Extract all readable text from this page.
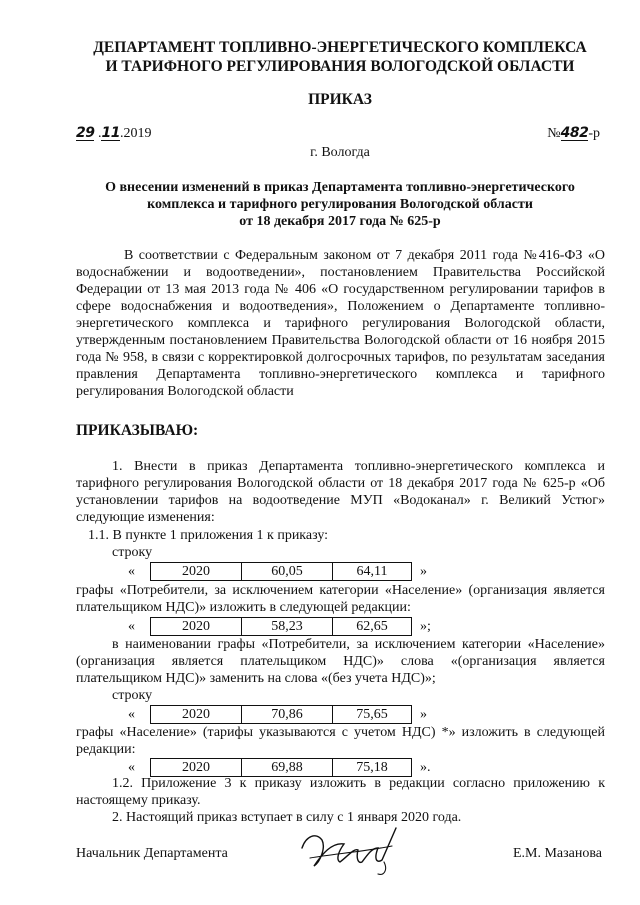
ДЕПАРТАМЕНТ ТОПЛИВНО-ЭНЕРГЕТИЧЕСКОГО КОМПЛЕКСА
И ТАРИФНОГО РЕГУЛИРОВАНИЯ ВОЛОГОДСКОЙ ОБЛАСТИ
ПРИКАЗ
29 .11.2019	№482-р
г. Вологда
О внесении изменений в приказ Департамента топливно-энергетического
комплекса и тарифного регулирования Вологодской области
от 18 декабря 2017 года № 625-р
В соответствии с Федеральным законом от 7 декабря 2011 года №416-ФЗ «О водоснабжении и водоотведении», постановлением Правительства Российской Федерации от 13 мая 2013 года № 406 «О государственном регулировании тарифов в сфере водоснабжения и водоотведения», Положением о Департаменте топливно-энергетического комплекса и тарифного регулирования Вологодской области, утвержденным постановлением Правительства Вологодской области от 16 ноября 2015 года № 958, в связи с корректировкой долгосрочных тарифов, по результатам заседания правления Департамента топливно-энергетического комплекса и тарифного регулирования Вологодской области
ПРИКАЗЫВАЮ:
1. Внести в приказ Департамента топливно-энергетического комплекса и тарифного регулирования Вологодской области от 18 декабря 2017 года № 625-р «Об установлении тарифов на водоотведение МУП «Водоканал» г. Великий Устюг» следующие изменения:
1.1. В пункте 1 приложения 1 к приказу:
строку
«	2020	60,05	64,11	»
графы «Потребители, за исключением категории «Население» (организация является плательщиком НДС)» изложить в следующей редакции:
«	2020	58,23	62,65	»;
в наименовании графы «Потребители, за исключением категории «Население» (организация является плательщиком НДС)» слова «(организация является плательщиком НДС)» заменить на слова «(без учета НДС)»;
строку
«	2020	70,86	75,65	»
графы «Население» (тарифы указываются с учетом НДС) *» изложить в следующей редакции:
«	2020	69,88	75,18	».
1.2. Приложение 3 к приказу изложить в редакции согласно приложению к настоящему приказу.
2. Настоящий приказ вступает в силу с 1 января 2020 года.
Начальник Департамента	Е.М. Мазанова
